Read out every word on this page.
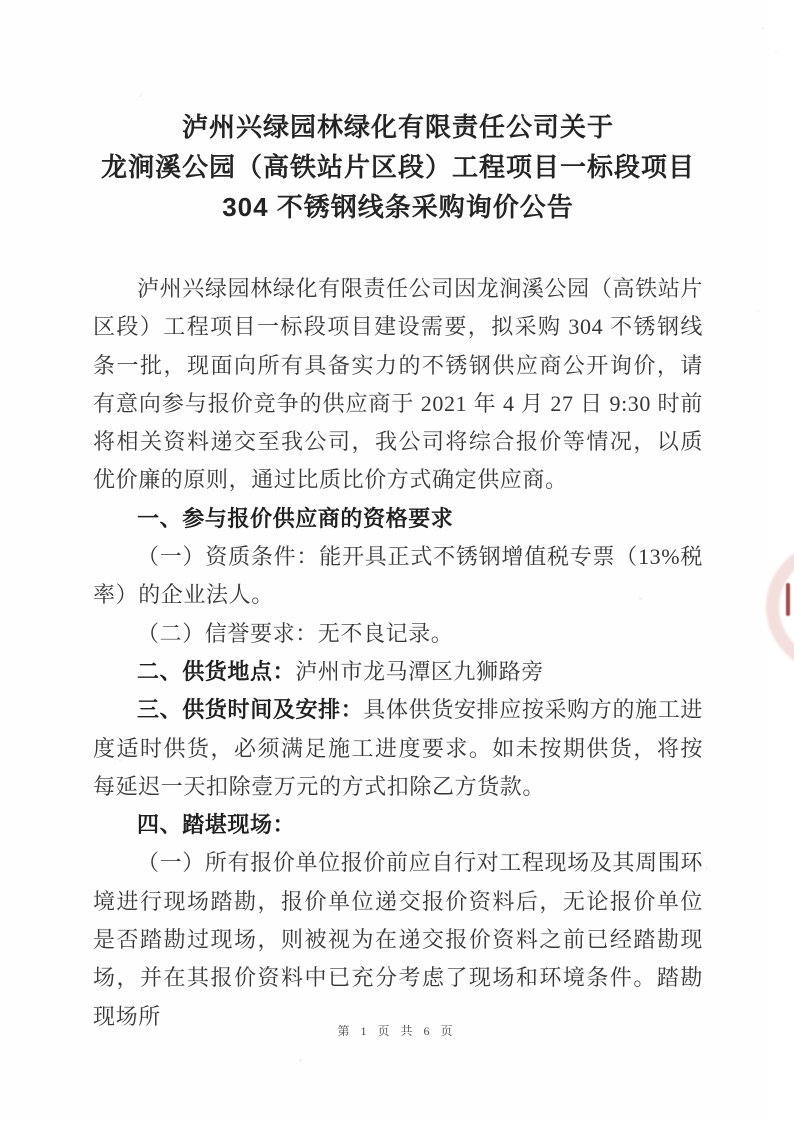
泸州兴绿园林绿化有限责任公司关于
龙涧溪公园（高铁站片区段）工程项目一标段项目
304 不锈钢线条采购询价公告

泸州兴绿园林绿化有限责任公司因龙涧溪公园（高铁站片区段）工程项目一标段项目建设需要，拟采购 304 不锈钢线条一批，现面向所有具备实力的不锈钢供应商公开询价，请有意向参与报价竞争的供应商于 2021 年 4 月 27 日 9:30 时前将相关资料递交至我公司，我公司将综合报价等情况，以质优价廉的原则，通过比质比价方式确定供应商。

一、参与报价供应商的资格要求

（一）资质条件：能开具正式不锈钢增值税专票（13%税率）的企业法人。

（二）信誉要求：无不良记录。

二、供货地点：泸州市龙马潭区九狮路旁

三、供货时间及安排：具体供货安排应按采购方的施工进度适时供货，必须满足施工进度要求。如未按期供货，将按每延迟一天扣除壹万元的方式扣除乙方货款。

四、踏堪现场：

（一）所有报价单位报价前应自行对工程现场及其周围环境进行现场踏勘，报价单位递交报价资料后，无论报价单位是否踏勘过现场，则被视为在递交报价资料之前已经踏勘现场，并在其报价资料中已充分考虑了现场和环境条件。踏勘现场所

第 1 页 共 6 页
